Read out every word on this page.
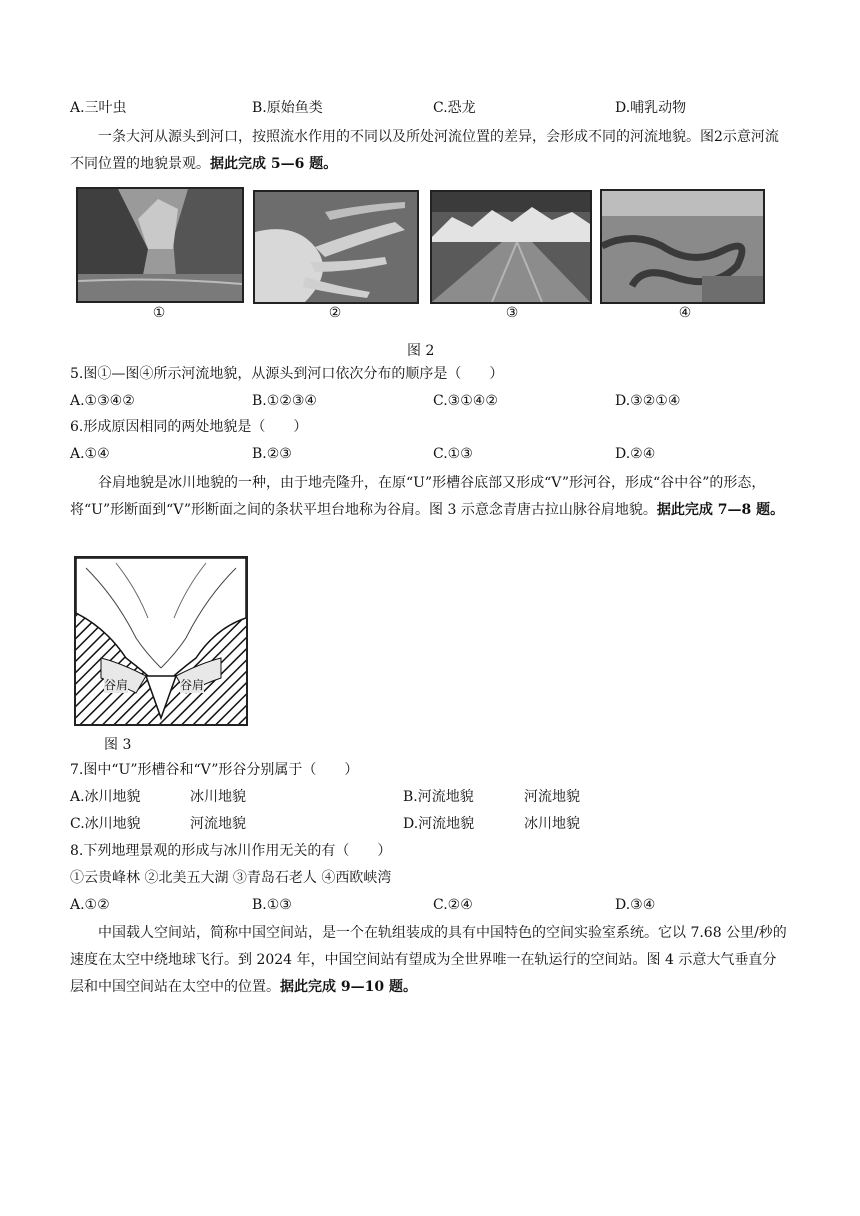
A.三叶虫	B.原始鱼类	C.恐龙	D.哺乳动物
一条大河从源头到河口，按照流水作用的不同以及所处河流位置的差异，会形成不同的河流地貌。图2示意河流不同位置的地貌景观。据此完成 5—6 题。
①	②	③	④
图 2
5.图①—图④所示河流地貌，从源头到河口依次分布的顺序是（　　）
A.①③④②	B.①②③④	C.③①④②	D.③②①④
6.形成原因相同的两处地貌是（　　）
A.①④	B.②③	C.①③	D.②④
谷肩地貌是冰川地貌的一种，由于地壳隆升，在原“U”形槽谷底部又形成“V”形河谷，形成“谷中谷”的形态，将“U”形断面到“V”形断面之间的条状平坦台地称为谷肩。图 3 示意念青唐古拉山脉谷肩地貌。据此完成 7—8 题。
谷肩	谷肩
图 3
7.图中“U”形槽谷和“V”形谷分别属于（　　）
A.冰川地貌	冰川地貌	B.河流地貌	河流地貌
C.冰川地貌	河流地貌	D.河流地貌	冰川地貌
8.下列地理景观的形成与冰川作用无关的有（　　）
①云贵峰林 ②北美五大湖 ③青岛石老人 ④西欧峡湾
A.①②	B.①③	C.②④	D.③④
中国载人空间站，简称中国空间站，是一个在轨组装成的具有中国特色的空间实验室系统。它以 7.68 公里/秒的速度在太空中绕地球飞行。到 2024 年，中国空间站有望成为全世界唯一在轨运行的空间站。图 4 示意大气垂直分层和中国空间站在太空中的位置。据此完成 9—10 题。
